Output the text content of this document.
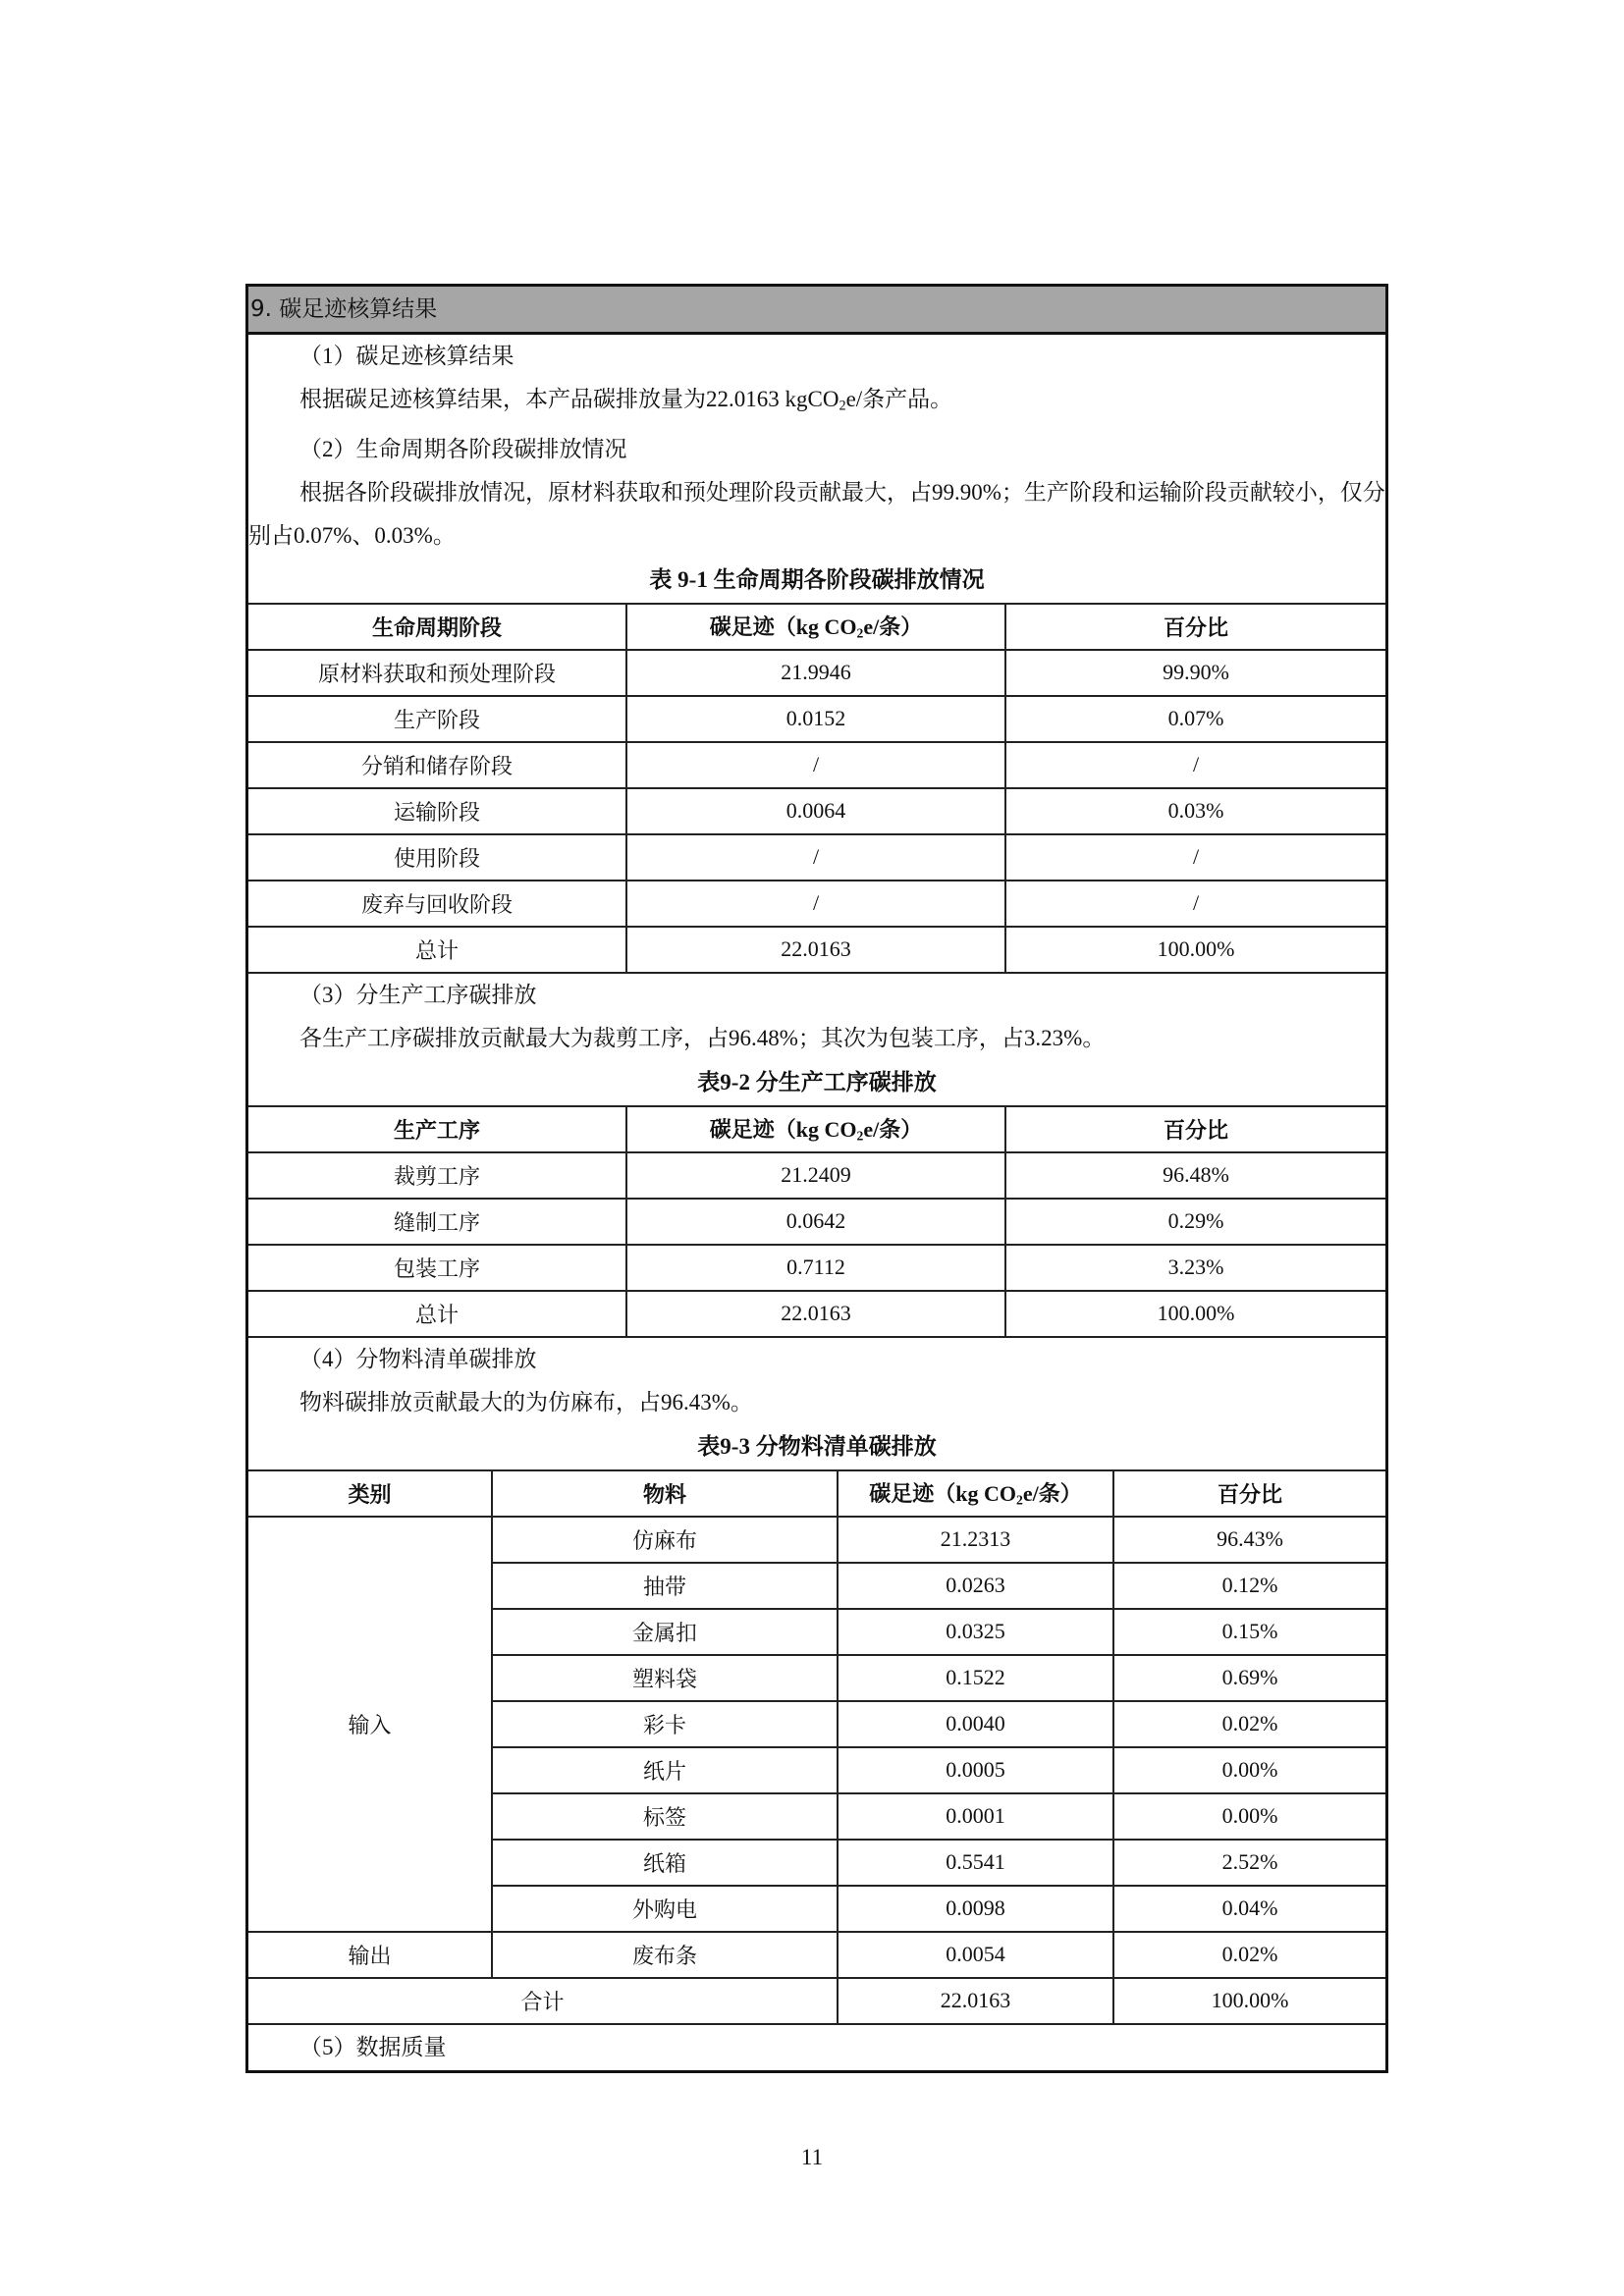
9. 碳足迹核算结果
（1）碳足迹核算结果
根据碳足迹核算结果，本产品碳排放量为22.0163 kgCO$_2$e/条产品。
（2）生命周期各阶段碳排放情况
根据各阶段碳排放情况，原材料获取和预处理阶段贡献最大，占99.90%；生产阶段和运输阶段贡献较小，仅分别占0.07%、0.03%。
表 9-1 生命周期各阶段碳排放情况
生命周期阶段	碳足迹（kg $CO_2e/$条）	百分比
原材料获取和预处理阶段	21.9946	99.90%
生产阶段	0.0152	0.07%
分销和储存阶段	/	/
运输阶段	0.0064	0.03%
使用阶段	/	/
废弃与回收阶段	/	/
总计	22.0163	100.00%
（3）分生产工序碳排放
各生产工序碳排放贡献最大为裁剪工序，占96.48%；其次为包装工序，占3.23%。
表9-2 分生产工序碳排放
生产工序	碳足迹（kg $CO_2e/$条）	百分比
裁剪工序	21.2409	96.48%
缝制工序	0.0642	0.29%
包装工序	0.7112	3.23%
总计	22.0163	100.00%
（4）分物料清单碳排放
物料碳排放贡献最大的为仿麻布，占96.43%。
表9-3 分物料清单碳排放
类别	物料	碳足迹（kg $CO_2e/$条）	百分比
输入	仿麻布	21.2313	96.43%
	抽带	0.0263	0.12%
	金属扣	0.0325	0.15%
	塑料袋	0.1522	0.69%
	彩卡	0.0040	0.02%
	纸片	0.0005	0.00%
	标签	0.0001	0.00%
	纸箱	0.5541	2.52%
	外购电	0.0098	0.04%
输出	废布条	0.0054	0.02%
合计		22.0163	100.00%
（5）数据质量
11
